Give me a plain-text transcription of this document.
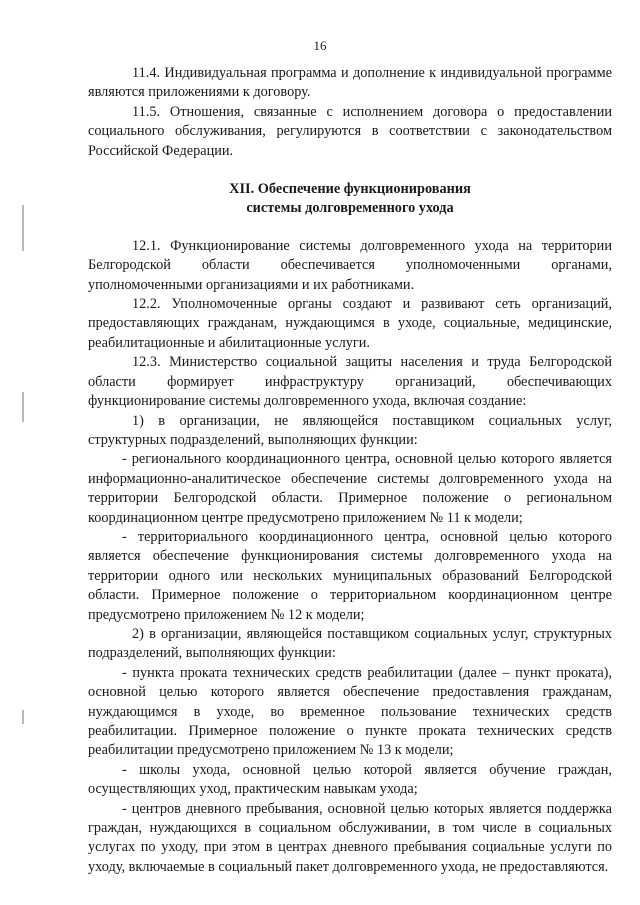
16

11.4. Индивидуальная программа и дополнение к индивидуальной программе являются приложениями к договору.

11.5. Отношения, связанные с исполнением договора о предоставлении социального обслуживания, регулируются в соответствии с законодательством Российской Федерации.

XII. Обеспечение функционирования
системы долговременного ухода

12.1. Функционирование системы долговременного ухода на территории Белгородской области обеспечивается уполномоченными органами, уполномоченными организациями и их работниками.

12.2. Уполномоченные органы создают и развивают сеть организаций, предоставляющих гражданам, нуждающимся в уходе, социальные, медицинские, реабилитационные и абилитационные услуги.

12.3. Министерство социальной защиты населения и труда Белгородской области формирует инфраструктуру организаций, обеспечивающих функционирование системы долговременного ухода, включая создание:

1) в организации, не являющейся поставщиком социальных услуг, структурных подразделений, выполняющих функции:

- регионального координационного центра, основной целью которого является информационно-аналитическое обеспечение системы долговременного ухода на территории Белгородской области. Примерное положение о региональном координационном центре предусмотрено приложением № 11 к модели;

- территориального координационного центра, основной целью которого является обеспечение функционирования системы долговременного ухода на территории одного или нескольких муниципальных образований Белгородской области. Примерное положение о территориальном координационном центре предусмотрено приложением № 12 к модели;

2) в организации, являющейся поставщиком социальных услуг, структурных подразделений, выполняющих функции:

- пункта проката технических средств реабилитации (далее – пункт проката), основной целью которого является обеспечение предоставления гражданам, нуждающимся в уходе, во временное пользование технических средств реабилитации. Примерное положение о пункте проката технических средств реабилитации предусмотрено приложением № 13 к модели;

- школы ухода, основной целью которой является обучение граждан, осуществляющих уход, практическим навыкам ухода;

- центров дневного пребывания, основной целью которых является поддержка граждан, нуждающихся в социальном обслуживании, в том числе в социальных услугах по уходу, при этом в центрах дневного пребывания социальные услуги по уходу, включаемые в социальный пакет долговременного ухода, не предоставляются.
